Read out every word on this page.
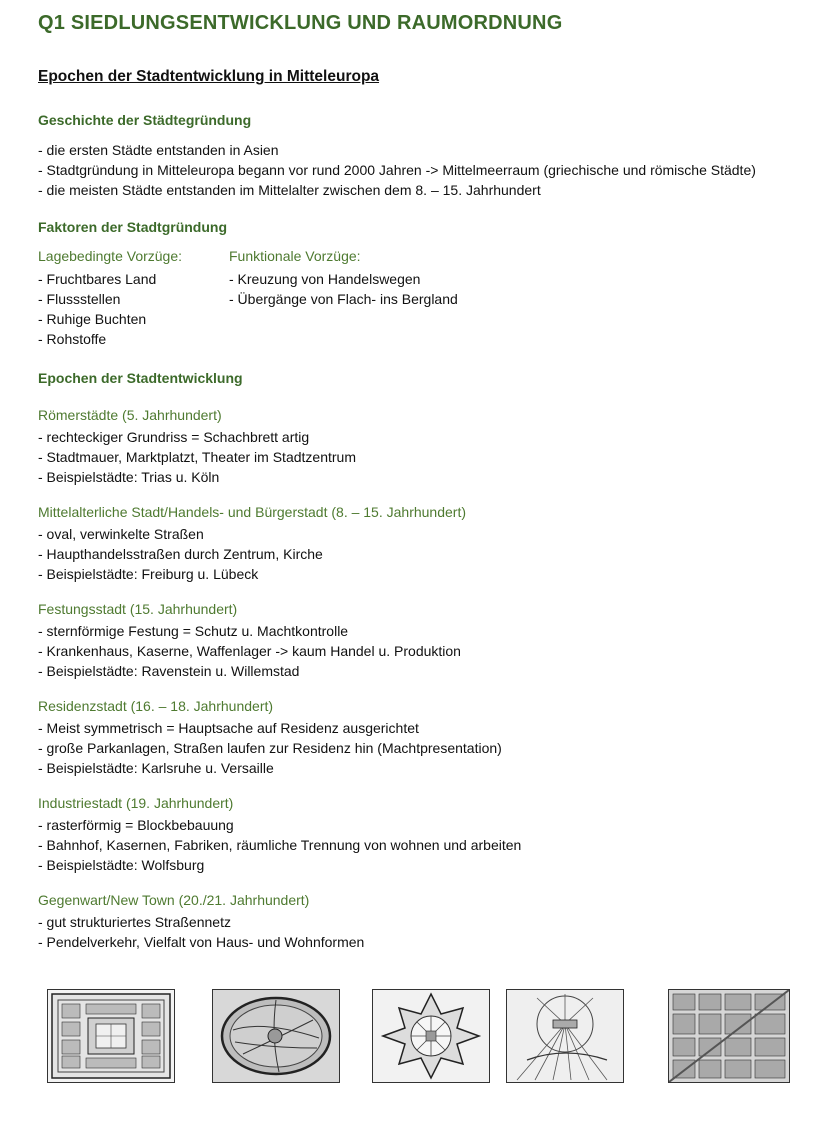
Q1 SIEDLUNGSENTWICKLUNG UND RAUMORDNUNG
Epochen der Stadtentwicklung in Mitteleuropa
Geschichte der Städtegründung
- die ersten Städte entstanden in Asien
- Stadtgründung in Mitteleuropa begann vor rund 2000 Jahren -> Mittelmeerraum (griechische und römische Städte)
- die meisten Städte entstanden im Mittelalter zwischen dem 8. – 15. Jahrhundert
Faktoren der Stadtgründung
Lagebedingte Vorzüge:
- Fruchtbares Land
- Flussstellen
- Ruhige Buchten
- Rohstoffe
Funktionale Vorzüge:
- Kreuzung von Handelswegen
- Übergänge von Flach- ins Bergland
Epochen der Stadtentwicklung
Römerstädte (5. Jahrhundert)
- rechteckiger Grundriss = Schachbrett artig
- Stadtmauer, Marktplatzt, Theater im Stadtzentrum
- Beispielstädte: Trias u. Köln
Mittelalterliche Stadt/Handels- und Bürgerstadt (8. – 15. Jahrhundert)
- oval, verwinkelte Straßen
- Haupthandelsstraßen durch Zentrum, Kirche
- Beispielstädte: Freiburg u. Lübeck
Festungsstadt (15. Jahrhundert)
- sternförmige Festung = Schutz u. Machtkontrolle
- Krankenhaus, Kaserne, Waffenlager -> kaum Handel u. Produktion
- Beispielstädte: Ravenstein u. Willemstad
Residenzstadt (16. – 18. Jahrhundert)
- Meist symmetrisch = Hauptsache auf Residenz ausgerichtet
- große Parkanlagen, Straßen laufen zur Residenz hin (Machtpresentation)
- Beispielstädte: Karlsruhe u. Versaille
Industriestadt (19. Jahrhundert)
- rasterförmig = Blockbebauung
- Bahnhof, Kasernen, Fabriken, räumliche Trennung von wohnen und arbeiten
- Beispielstädte: Wolfsburg
Gegenwart/New Town (20./21. Jahrhundert)
- gut strukturiertes Straßennetz
- Pendelverkehr, Vielfalt von Haus- und Wohnformen
